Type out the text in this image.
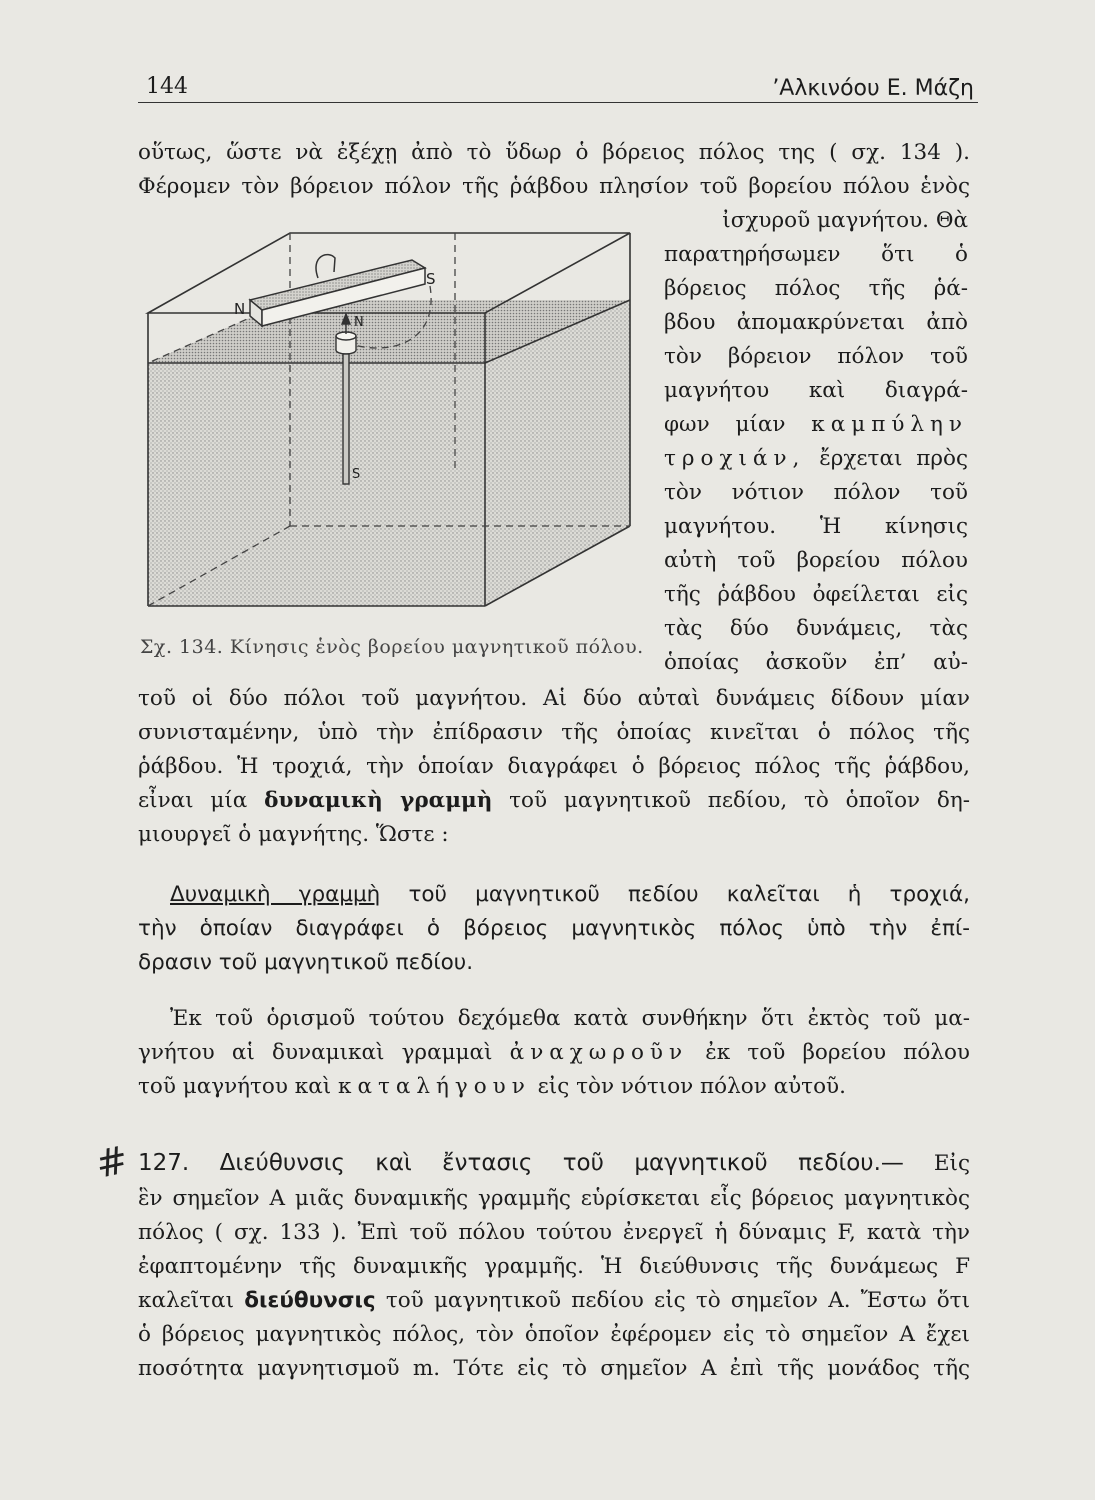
144	’Αλκινόου Ε. Μάζη
οὕτως, ὥστε νὰ ἐξέχῃ ἀπὸ τὸ ὕδωρ ὁ βόρειος πόλος της ( σχ. 134 ).
Φέρομεν τὸν βόρειον πόλον τῆς ῥάβδου πλησίον τοῦ βορείου πόλου ἑνὸς
N
S
N
S
Σχ. 134. Κίνησις ἑνὸς βορείου μαγνητικοῦ πόλου.
ἰσχυροῦ μαγνήτου. Θὰ
παρατηρήσωμεν ὅτι ὁ
βόρειος πόλος τῆς ῥά-
βδου ἀπομακρύνεται ἀπὸ
τὸν βόρειον πόλον τοῦ
μαγνήτου καὶ διαγρά-
φων μίαν καμπύλην
τροχιάν, ἔρχεται πρὸς
τὸν νότιον πόλον τοῦ
μαγνήτου. Ἡ κίνησις
αὐτὴ τοῦ βορείου πόλου
τῆς ῥάβδου ὀφείλεται εἰς
τὰς δύο δυνάμεις, τὰς
ὁποίας ἀσκοῦν ἐπ’ αὐ-
τοῦ οἱ δύο πόλοι τοῦ μαγνήτου. Αἱ δύο αὐταὶ δυνάμεις δίδουν μίαν
συνισταμένην, ὑπὸ τὴν ἐπίδρασιν τῆς ὁποίας κινεῖται ὁ πόλος τῆς
ῥάβδου. Ἡ τροχιά, τὴν ὁποίαν διαγράφει ὁ βόρειος πόλος τῆς ῥάβδου,
εἶναι μία δυναμικὴ γραμμὴ τοῦ μαγνητικοῦ πεδίου, τὸ ὁποῖον δη-
μιουργεῖ ὁ μαγνήτης. Ὥστε :
Δυναμικὴ γραμμὴ τοῦ μαγνητικοῦ πεδίου καλεῖται ἡ τροχιά,
τὴν ὁποίαν διαγράφει ὁ βόρειος μαγνητικὸς πόλος ὑπὸ τὴν ἐπί-
δρασιν τοῦ μαγνητικοῦ πεδίου.
Ἐκ τοῦ ὁρισμοῦ τούτου δεχόμεθα κατὰ συνθήκην ὅτι ἐκτὸς τοῦ μα-
γνήτου αἱ δυναμικαὶ γραμμαὶ ἀναχωροῦν ἐκ τοῦ βορείου πόλου
τοῦ μαγνήτου καὶ καταλήγουν εἰς τὸν νότιον πόλον αὐτοῦ.
# 127. Διεύθυνσις καὶ ἔντασις τοῦ μαγνητικοῦ πεδίου.— Εἰς
ἓν σημεῖον Α μιᾶς δυναμικῆς γραμμῆς εὑρίσκεται εἷς βόρειος μαγνητικὸς
πόλος ( σχ. 133 ). Ἐπὶ τοῦ πόλου τούτου ἐνεργεῖ ἡ δύναμις F, κατὰ τὴν
ἐφαπτομένην τῆς δυναμικῆς γραμμῆς. Ἡ διεύθυνσις τῆς δυνάμεως F
καλεῖται διεύθυνσις τοῦ μαγνητικοῦ πεδίου εἰς τὸ σημεῖον Α. Ἔστω ὅτι
ὁ βόρειος μαγνητικὸς πόλος, τὸν ὁποῖον ἐφέρομεν εἰς τὸ σημεῖον Α ἔχει
ποσότητα μαγνητισμοῦ m. Τότε εἰς τὸ σημεῖον Α ἐπὶ τῆς μονάδος τῆς
